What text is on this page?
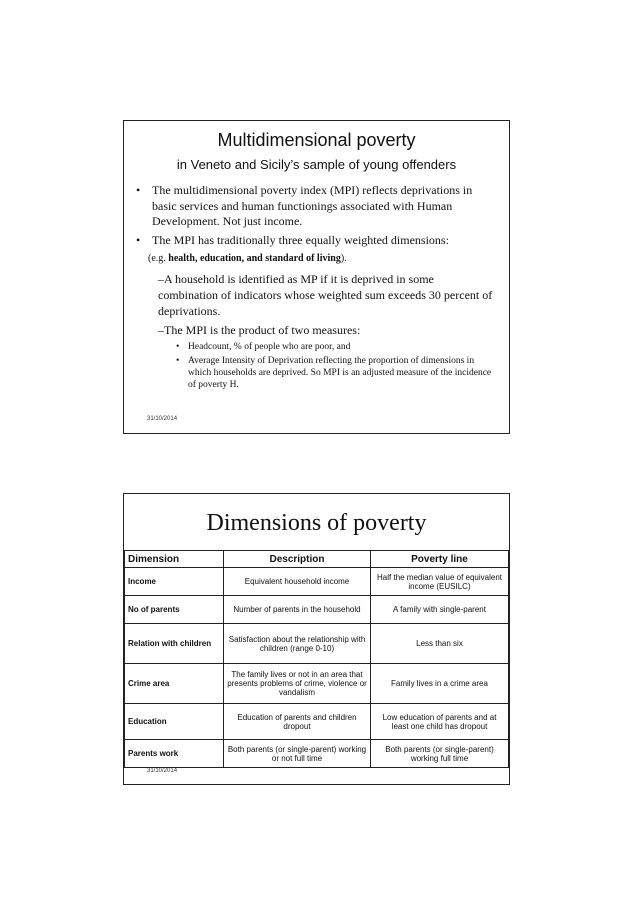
Multidimensional poverty
in Veneto and Sicily’s sample of young offenders
• The multidimensional poverty index (MPI) reflects deprivations in basic services and human functionings associated with Human Development. Not just income.
• The MPI has traditionally three equally weighted dimensions:
(e.g. health, education, and standard of living).
–A household is identified as MP if it is deprived in some combination of indicators whose weighted sum exceeds 30 percent of deprivations.
–The MPI is the product of two measures:
• Headcount, % of people who are poor, and
• Average Intensity of Deprivation reflecting the proportion of dimensions in which households are deprived. So MPI is an adjusted measure of the incidence of poverty H.
31/10/2014
Dimensions of poverty
Dimension	Description	Poverty line
Income	Equivalent household income	Half the median value of equivalent income (EUSILC)
No of parents	Number of parents in the household	A family with single-parent
Relation with children	Satisfaction about the relationship with children (range 0-10)	Less than six
Crime area	The family lives or not in an area that presents problems of crime, violence or vandalism	Family lives in a crime area
Education	Education of parents and children dropout	Low education of parents and at least one child has dropout
Parents work	Both parents (or single-parent) working or not full time	Both parents (or single-parent) working full time
31/10/2014
